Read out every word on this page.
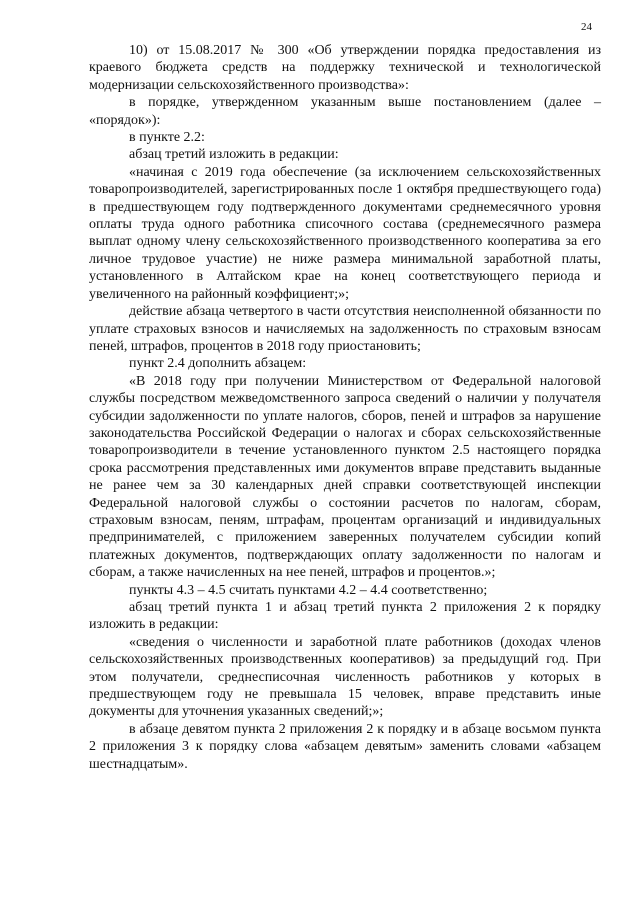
24

10) от 15.08.2017 № 300 «Об утверждении порядка предоставления из краевого бюджета средств на поддержку технической и технологической модернизации сельскохозяйственного производства»:

в порядке, утвержденном указанным выше постановлением (далее – «порядок»):

в пункте 2.2:

абзац третий изложить в редакции:

«начиная с 2019 года обеспечение (за исключением сельскохозяйственных товаропроизводителей, зарегистрированных после 1 октября предшествующего года) в предшествующем году подтвержденного документами среднемесячного уровня оплаты труда одного работника списочного состава (среднемесячного размера выплат одному члену сельскохозяйственного производственного кооператива за его личное трудовое участие) не ниже размера минимальной заработной платы, установленного в Алтайском крае на конец соответствующего периода и увеличенного на районный коэффициент;»;

действие абзаца четвертого в части отсутствия неисполненной обязанности по уплате страховых взносов и начисляемых на задолженность по страховым взносам пеней, штрафов, процентов в 2018 году приостановить;

пункт 2.4 дополнить абзацем:

«В 2018 году при получении Министерством от Федеральной налоговой службы посредством межведомственного запроса сведений о наличии у получателя субсидии задолженности по уплате налогов, сборов, пеней и штрафов за нарушение законодательства Российской Федерации о налогах и сборах сельскохозяйственные товаропроизводители в течение установленного пунктом 2.5 настоящего порядка срока рассмотрения представленных ими документов вправе представить выданные не ранее чем за 30 календарных дней справки соответствующей инспекции Федеральной налоговой службы о состоянии расчетов по налогам, сборам, страховым взносам, пеням, штрафам, процентам организаций и индивидуальных предпринимателей, с приложением заверенных получателем субсидии копий платежных документов, подтверждающих оплату задолженности по налогам и сборам, а также начисленных на нее пеней, штрафов и процентов.»;

пункты 4.3 – 4.5 считать пунктами 4.2 – 4.4 соответственно;

абзац третий пункта 1 и абзац третий пункта 2 приложения 2 к порядку изложить в редакции:

«сведения о численности и заработной плате работников (доходах членов сельскохозяйственных производственных кооперативов) за предыдущий год. При этом получатели, среднесписочная численность работников у которых в предшествующем году не превышала 15 человек, вправе представить иные документы для уточнения указанных сведений;»;

в абзаце девятом пункта 2 приложения 2 к порядку и в абзаце восьмом пункта 2 приложения 3 к порядку слова «абзацем девятым» заменить словами «абзацем шестнадцатым».
